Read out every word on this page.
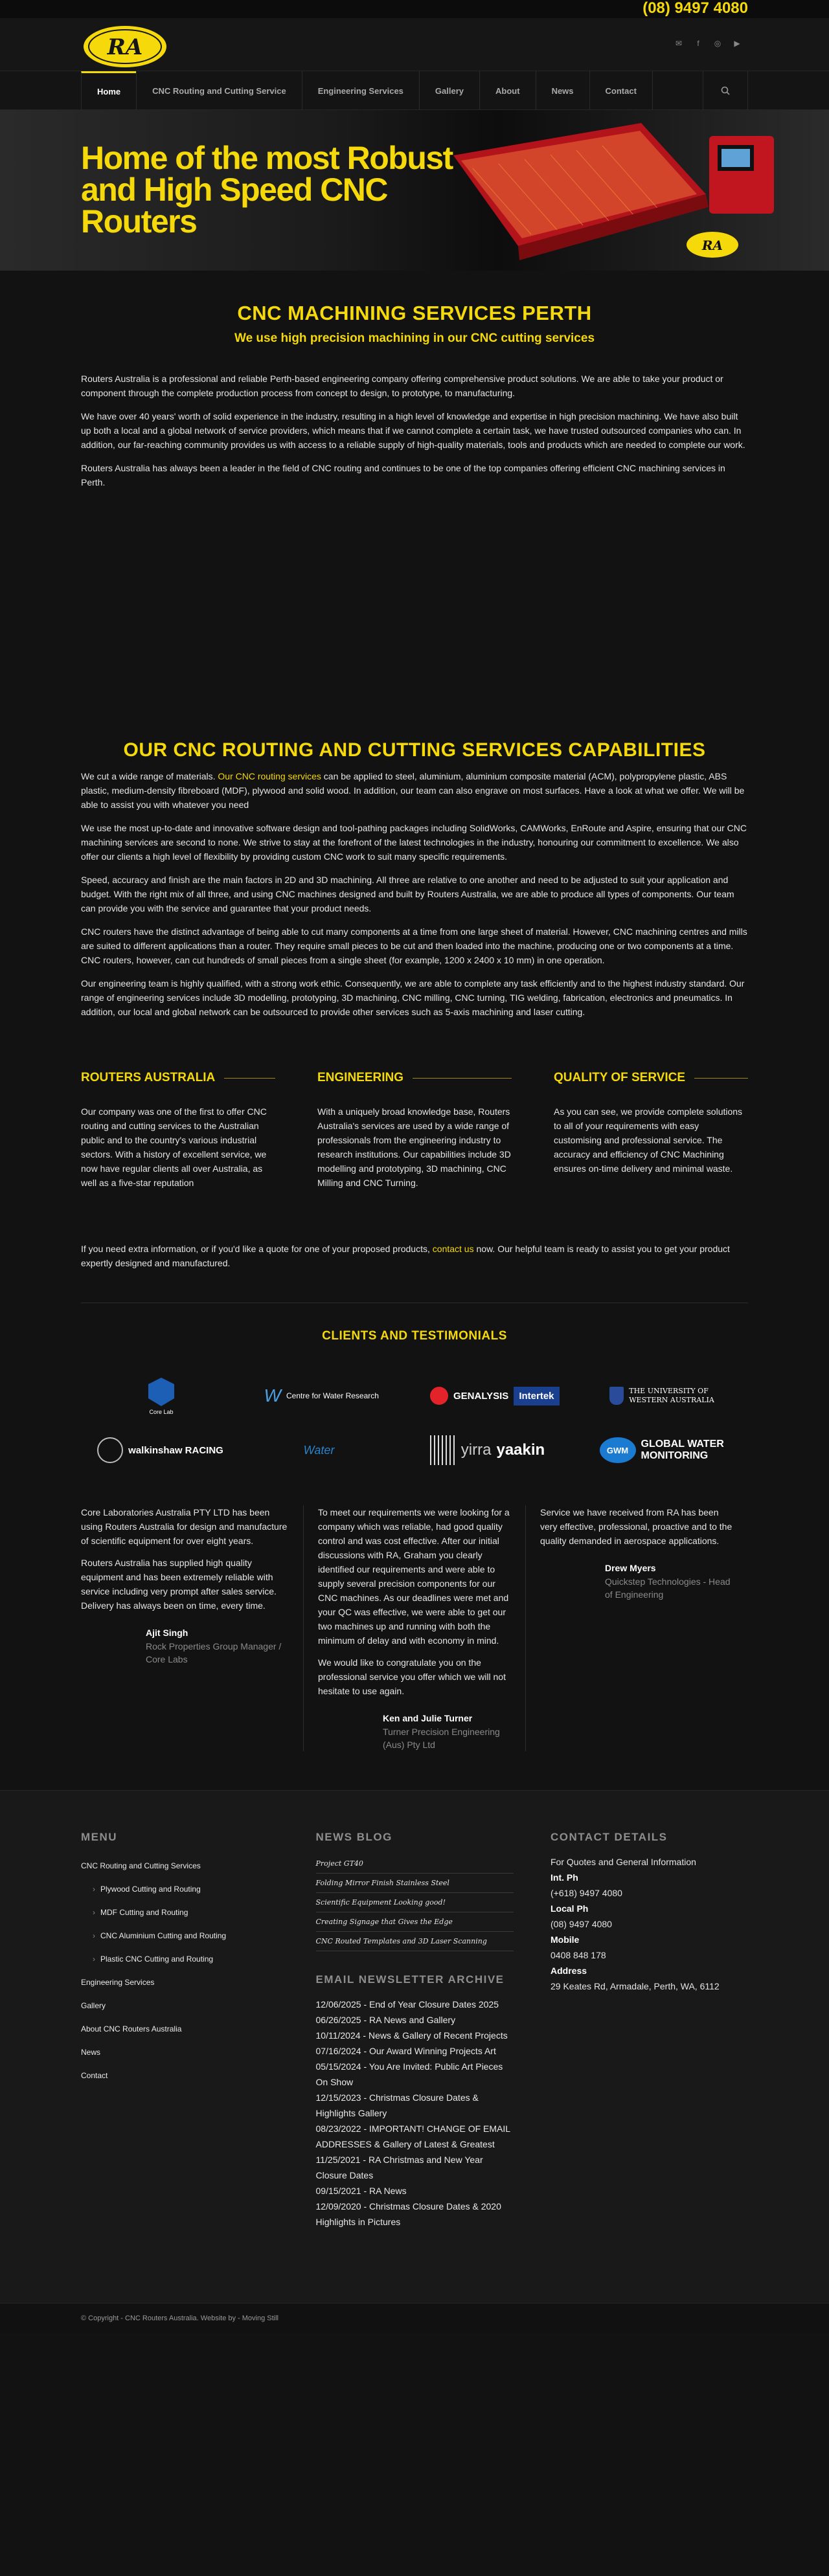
(08) 9497 4080
RA	✉	f	◎ ▶
Home	CNC Routing and Cutting Service	Engineering Services	Gallery	About	News	Contact
Home of the most Robust and High Speed CNC Routers
RA
CNC MACHINING SERVICES PERTH
We use high precision machining in our CNC cutting services

Routers Australia is a professional and reliable Perth-based engineering company offering comprehensive product solutions. We are able to take your product or component through the complete production process from concept to design, to prototype, to manufacturing.

We have over 40 years' worth of solid experience in the industry, resulting in a high level of knowledge and expertise in high precision machining. We have also built up both a local and a global network of service providers, which means that if we cannot complete a certain task, we have trusted outsourced companies who can. In addition, our far-reaching community provides us with access to a reliable supply of high-quality materials, tools and products which are needed to complete our work.

Routers Australia has always been a leader in the field of CNC routing and continues to be one of the top companies offering efficient CNC machining services in Perth.

OUR CNC ROUTING AND CUTTING SERVICES CAPABILITIES

We cut a wide range of materials. Our CNC routing services can be applied to steel, aluminium, aluminium composite material (ACM), polypropylene plastic, ABS plastic, medium-density fibreboard (MDF), plywood and solid wood. In addition, our team can also engrave on most surfaces. Have a look at what we offer. We will be able to assist you with whatever you need

We use the most up-to-date and innovative software design and tool-pathing packages including SolidWorks, CAMWorks, EnRoute and Aspire, ensuring that our CNC machining services are second to none. We strive to stay at the forefront of the latest technologies in the industry, honouring our commitment to excellence. We also offer our clients a high level of flexibility by providing custom CNC work to suit many specific requirements.

Speed, accuracy and finish are the main factors in 2D and 3D machining. All three are relative to one another and need to be adjusted to suit your application and budget. With the right mix of all three, and using CNC machines designed and built by Routers Australia, we are able to produce all types of components. Our team can provide you with the service and guarantee that your product needs.

CNC routers have the distinct advantage of being able to cut many components at a time from one large sheet of material. However, CNC machining centres and mills are suited to different applications than a router. They require small pieces to be cut and then loaded into the machine, producing one or two components at a time. CNC routers, however, can cut hundreds of small pieces from a single sheet (for example, 1200 x 2400 x 10 mm) in one operation.

Our engineering team is highly qualified, with a strong work ethic. Consequently, we are able to complete any task efficiently and to the highest industry standard. Our range of engineering services include 3D modelling, prototyping, 3D machining, CNC milling, CNC turning, TIG welding, fabrication, electronics and pneumatics. In addition, our local and global network can be outsourced to provide other services such as 5-axis machining and laser cutting.

ROUTERS AUSTRALIA

Our company was one of the first to offer CNC routing and cutting services to the Australian public and to the country's various industrial sectors. With a history of excellent service, we now have regular clients all over Australia, as well as a five-star reputation

ENGINEERING

With a uniquely broad knowledge base, Routers Australia's services are used by a wide range of professionals from the engineering industry to research institutions. Our capabilities include 3D modelling and prototyping, 3D machining, CNC Milling and CNC Turning.

QUALITY OF SERVICE

As you can see, we provide complete solutions to all of your requirements with easy customising and professional service. The accuracy and efficiency of CNC Machining ensures on-time delivery and minimal waste.

If you need extra information, or if you'd like a quote for one of your proposed products, contact us now. Our helpful team is ready to assist you to get your product expertly designed and manufactured.

CLIENTS AND TESTIMONIALS
Core Lab
W Centre for Water Research	GENALYSIS	Intertek	THE UNIVERSITY OF WESTERN AUSTRALIA
walkinshaw RACING	Water	yirra yaakin	GWM
GLOBAL WATER MONITORING

Core Laboratories Australia PTY LTD has been using Routers Australia for design and manufacture of scientific equipment for over eight years.

Routers Australia has supplied high quality equipment and has been extremely reliable with service including very prompt after sales service. Delivery has always been on time, every time.

Ajit Singh
Rock Properties Group Manager / Core Labs

To meet our requirements we were looking for a company which was reliable, had good quality control and was cost effective. After our initial discussions with RA, Graham you clearly identified our requirements and were able to supply several precision components for our CNC machines. As our deadlines were met and your QC was effective, we were able to get our two machines up and running with both the minimum of delay and with economy in mind.

We would like to congratulate you on the professional service you offer which we will not hesitate to use again.

Ken and Julie Turner
Turner Precision Engineering (Aus) Pty Ltd

Service we have received from RA has been very effective, professional, proactive and to the quality demanded in aerospace applications.

Drew Myers
Quickstep Technologies - Head of Engineering
MENU
CNC Routing and Cutting Services
› Plywood Cutting and Routing
› MDF Cutting and Routing
› CNC Aluminium Cutting and Routing
› Plastic CNC Cutting and Routing
Engineering Services
Gallery
About CNC Routers Australia
News
Contact
NEWS BLOG
Project GT40
Folding Mirror Finish Stainless Steel
Scientific Equipment Looking good!
Creating Signage that Gives the Edge
CNC Routed Templates and 3D Laser Scanning
EMAIL NEWSLETTER ARCHIVE
12/06/2025 - End of Year Closure Dates 2025
06/26/2025 - RA News and Gallery
10/11/2024 - News & Gallery of Recent Projects
07/16/2024 - Our Award Winning Projects Art
05/15/2024 - You Are Invited: Public Art Pieces On Show
12/15/2023 - Christmas Closure Dates & Highlights Gallery
08/23/2022 - IMPORTANT! CHANGE OF EMAIL ADDRESSES & Gallery of Latest & Greatest
11/25/2021 - RA Christmas and New Year Closure Dates
09/15/2021 - RA News
12/09/2020 - Christmas Closure Dates & 2020 Highlights in Pictures
CONTACT DETAILS

For Quotes and General Information

Int. Ph

(+618) 9497 4080

Local Ph

(08) 9497 4080

Mobile

0408 848 178

Address

29 Keates Rd, Armadale, Perth, WA, 6112

© Copyright - CNC Routers Australia. Website by - Moving Still
